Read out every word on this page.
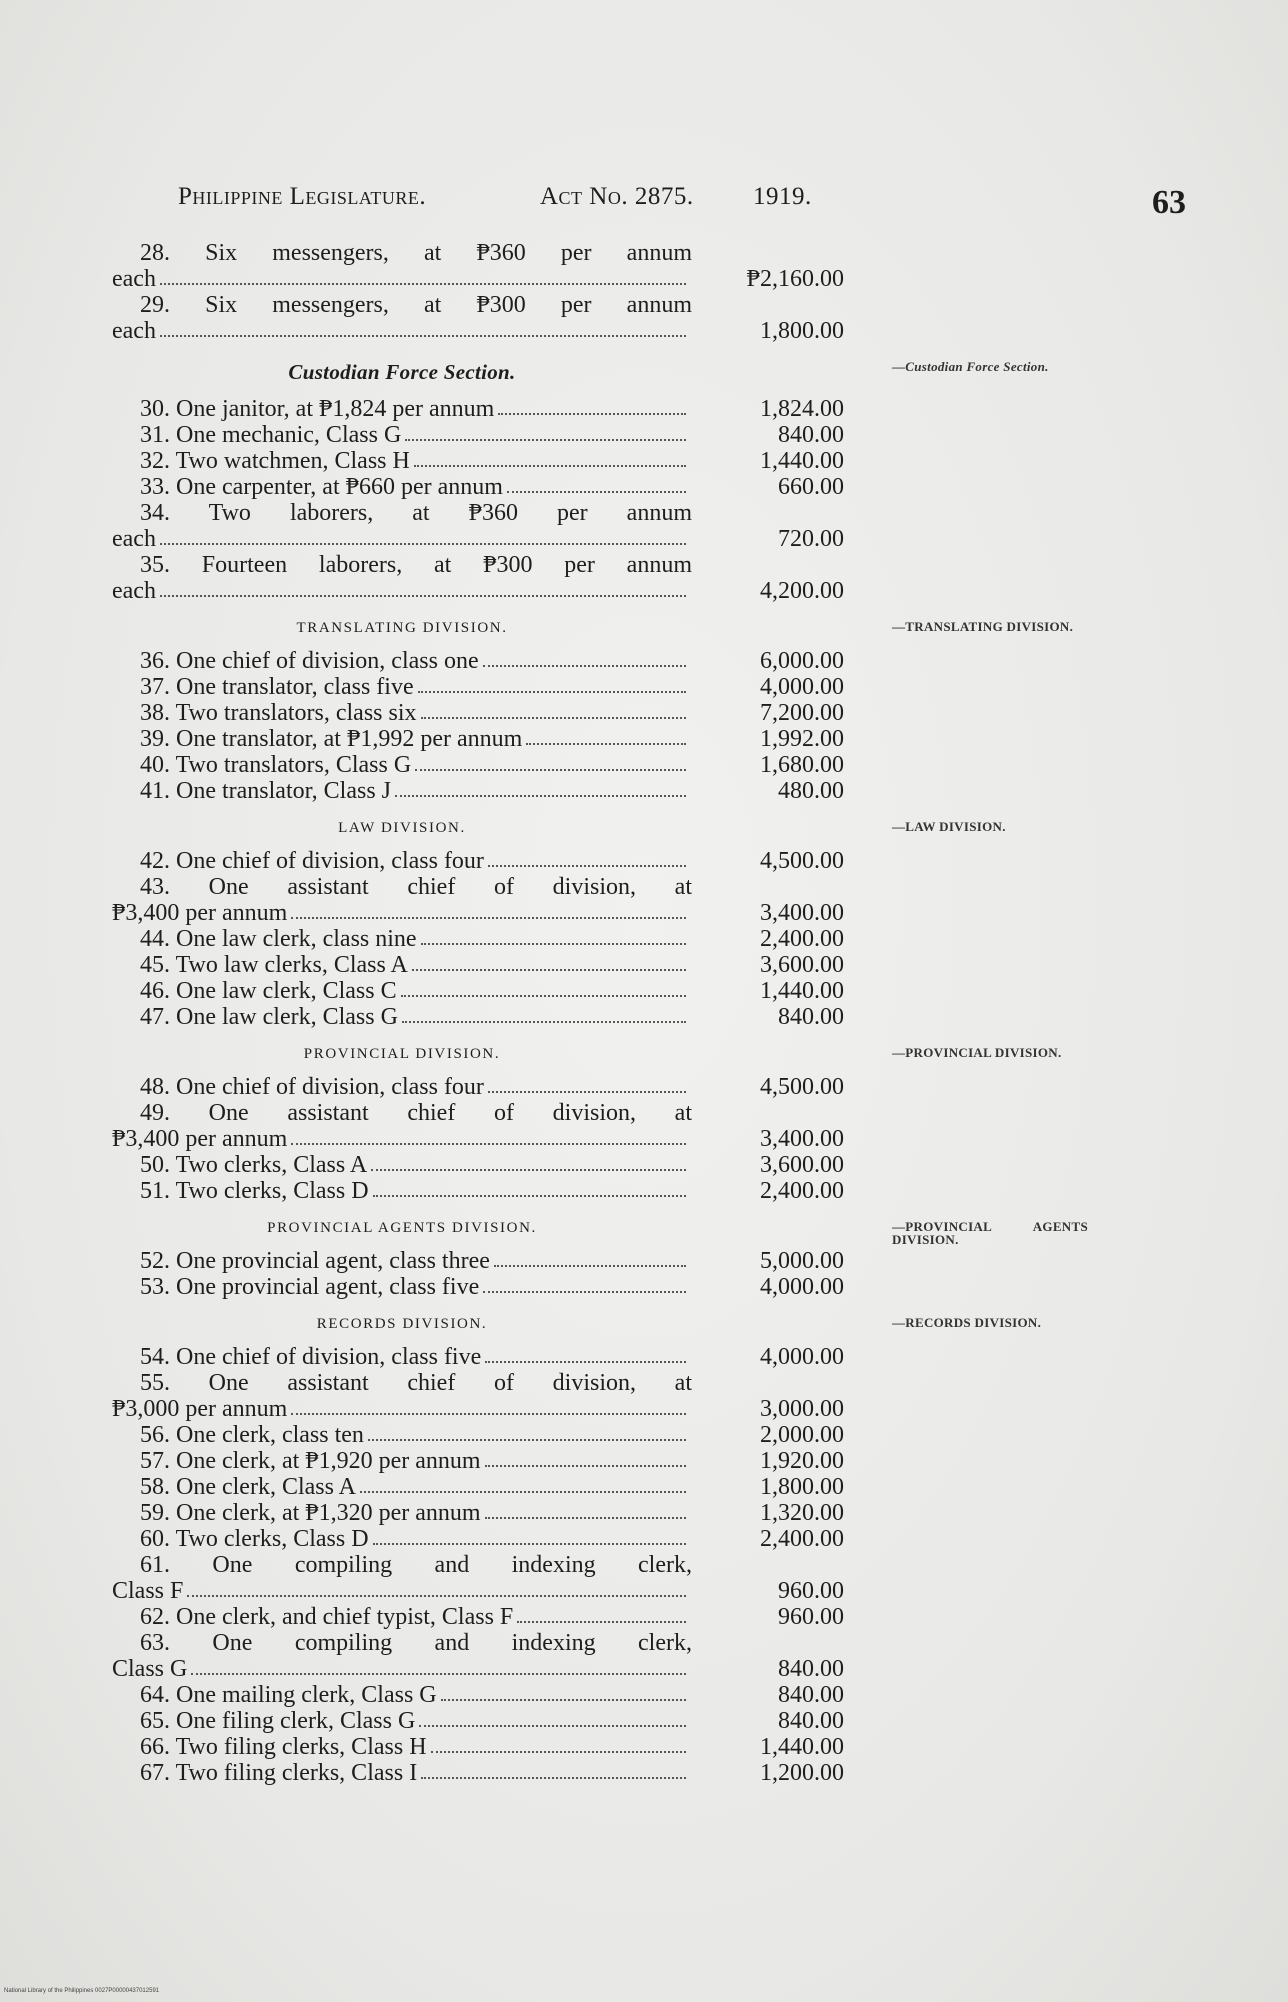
Philippine Legislature.	Act No. 2875. 1919.	63
28. Six messengers, at ₱360 per annum
each	₱2,160.00
29. Six messengers, at ₱300 per annum
each	1,800.00
Custodian Force Section.	—Custodian Force Section.
30. One janitor, at ₱1,824 per annum	1,824.00
31. One mechanic, Class G	840.00
32. Two watchmen, Class H	1,440.00
33. One carpenter, at ₱660 per annum	660.00
34. Two laborers, at ₱360 per annum
each	720.00
35. Fourteen laborers, at ₱300 per annum
each	4,200.00
TRANSLATING DIVISION.	—TRANSLATING DIVISION.
36. One chief of division, class one	6,000.00
37. One translator, class five	4,000.00
38. Two translators, class six	7,200.00
39. One translator, at ₱1,992 per annum	1,992.00
40. Two translators, Class G	1,680.00
41. One translator, Class J	480.00
LAW DIVISION.	—LAW DIVISION.
42. One chief of division, class four	4,500.00
43. One assistant chief of division, at
₱3,400 per annum	3,400.00
44. One law clerk, class nine	2,400.00
45. Two law clerks, Class A	3,600.00
46. One law clerk, Class C	1,440.00
47. One law clerk, Class G	840.00
PROVINCIAL DIVISION.	—PROVINCIAL DIVISION.
48. One chief of division, class four	4,500.00
49. One assistant chief of division, at
₱3,400 per annum	3,400.00
50. Two clerks, Class A	3,600.00
51. Two clerks, Class D	2,400.00
PROVINCIAL AGENTS DIVISION.	—PROVINCIAL AGENTS DIVISION.
52. One provincial agent, class three	5,000.00
53. One provincial agent, class five	4,000.00
RECORDS DIVISION.	—RECORDS DIVISION.
54. One chief of division, class five	4,000.00
55. One assistant chief of division, at
₱3,000 per annum	3,000.00
56. One clerk, class ten	2,000.00
57. One clerk, at ₱1,920 per annum	1,920.00
58. One clerk, Class A	1,800.00
59. One clerk, at ₱1,320 per annum	1,320.00
60. Two clerks, Class D	2,400.00
61. One compiling and indexing clerk,
Class F	960.00
62. One clerk, and chief typist, Class F	960.00
63. One compiling and indexing clerk,
Class G	840.00
64. One mailing clerk, Class G	840.00
65. One filing clerk, Class G	840.00
66. Two filing clerks, Class H	1,440.00
67. Two filing clerks, Class I	1,200.00
National Library of the Philippines 0027P00000437012591
